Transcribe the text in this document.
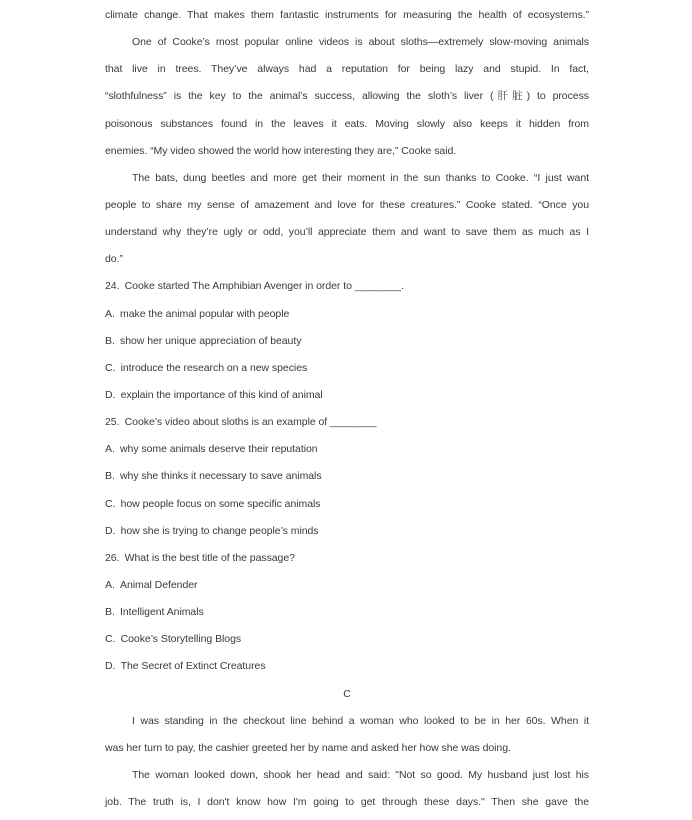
climate change. That makes them fantastic instruments for measuring the health of ecosystems.”
One of Cooke’s most popular online videos is about sloths—extremely slow-moving animals
that live in trees. They’ve always had a reputation for being lazy and stupid. In fact,
“slothfulness” is the key to the animal’s success, allowing the sloth’s liver (肝脏) to process
poisonous substances found in the leaves it eats. Moving slowly also keeps it hidden from
enemies. “My video showed the world how interesting they are,” Cooke said.
The bats, dung beetles and more get their moment in the sun thanks to Cooke. “I just want
people to share my sense of amazement and love for these creatures.” Cooke stated. “Once you
understand why they’re ugly or odd, you’ll appreciate them and want to save them as much as I
do.”
24. Cooke started The Amphibian Avenger in order to ________.
A. make the animal popular with people
B. show her unique appreciation of beauty
C. introduce the research on a new species
D. explain the importance of this kind of animal
25. Cooke’s video about sloths is an example of ________
A. why some animals deserve their reputation
B. why she thinks it necessary to save animals
C. how people focus on some specific animals
D. how she is trying to change people’s minds
26. What is the best title of the passage?
A. Animal Defender
B. Intelligent Animals
C. Cooke’s Storytelling Blogs
D. The Secret of Extinct Creatures
C
I was standing in the checkout line behind a woman who looked to be in her 60s. When it
was her turn to pay, the cashier greeted her by name and asked her how she was doing.
The woman looked down, shook her head and said: "Not so good. My husband just lost his
job. The truth is, I don't know how I'm going to get through these days." Then she gave the
